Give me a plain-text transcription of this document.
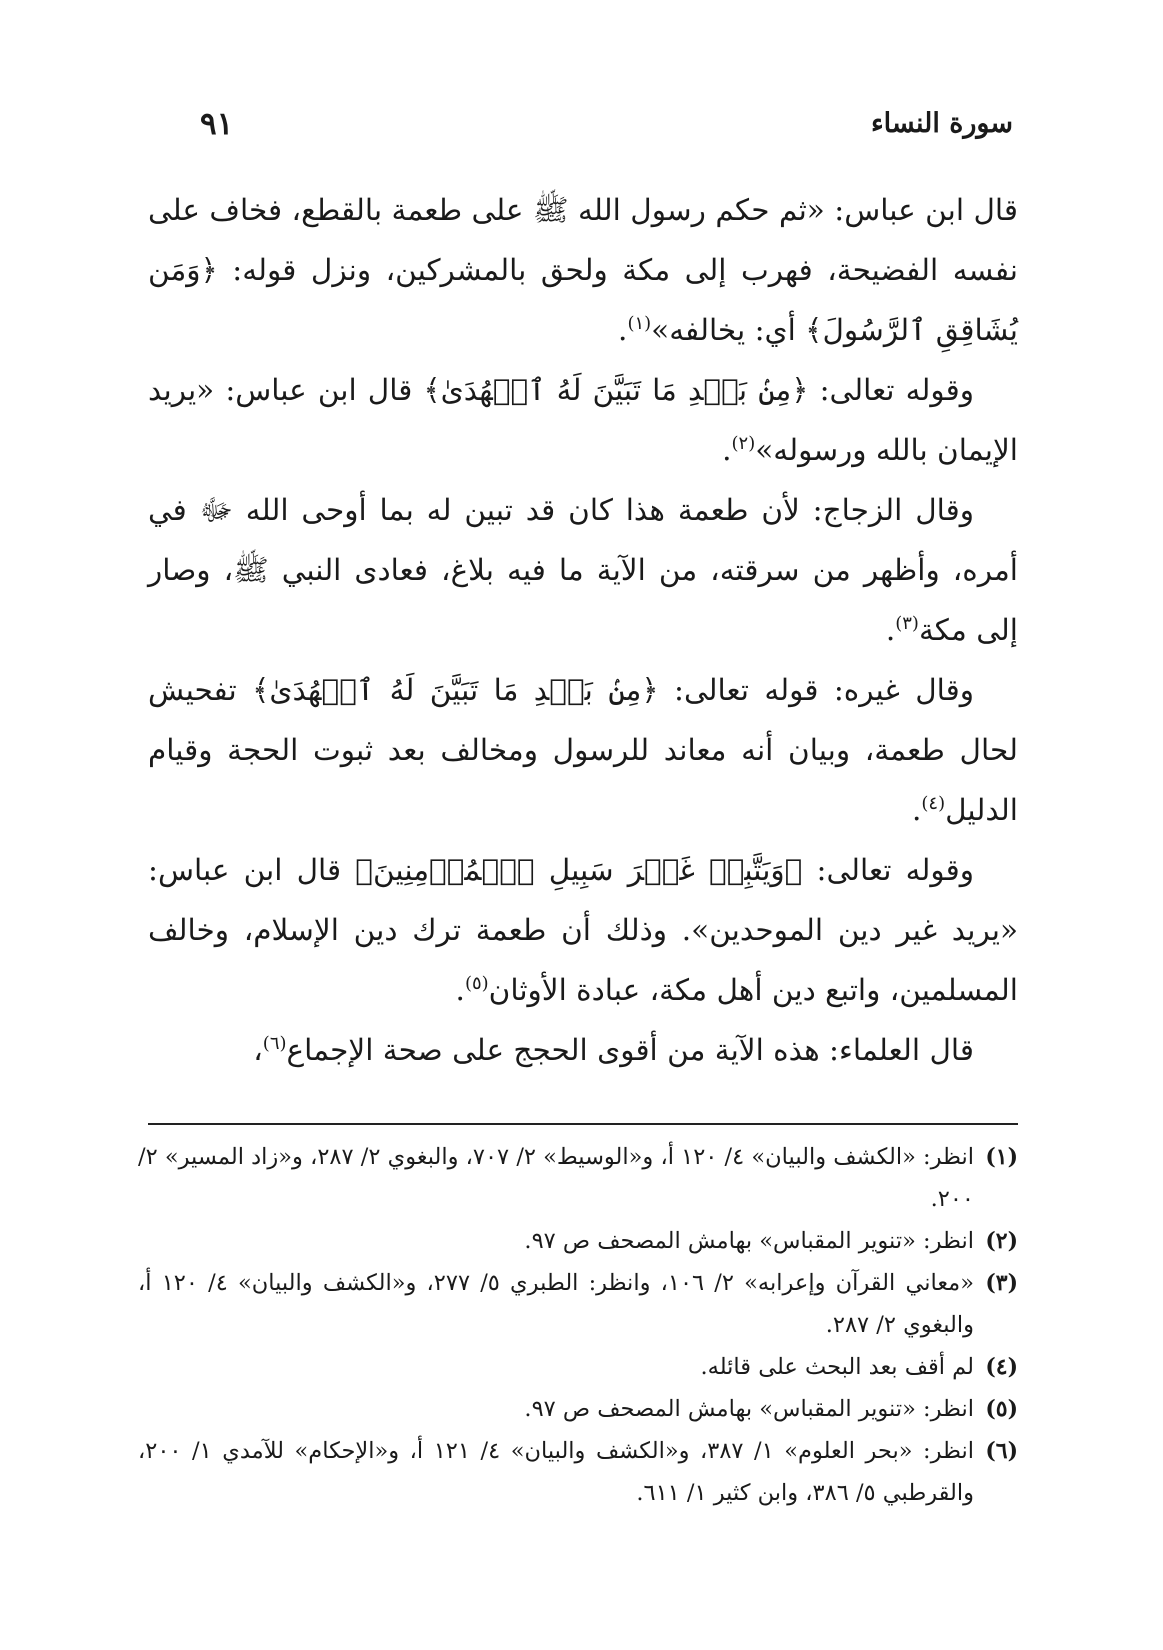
سورة النساء
٩١

قال ابن عباس: «ثم حكم رسول الله ﷺ على طعمة بالقطع، فخاف على نفسه الفضيحة، فهرب إلى مكة ولحق بالمشركين، ونزل قوله: ﴿وَمَن يُشَاقِقِ ٱلرَّسُولَ﴾ أي: يخالفه»$^{(١)}$.

وقوله تعالى: ﴿مِنۢ بَعۡدِ مَا تَبَيَّنَ لَهُ ٱلۡهُدَىٰ﴾ قال ابن عباس: «يريد الإيمان بالله ورسوله»$^{(٢)}$.

وقال الزجاج: لأن طعمة هذا كان قد تبين له بما أوحى الله ﷻ في أمره، وأظهر من سرقته، من الآية ما فيه بلاغ، فعادى النبي ﷺ، وصار إلى مكة$^{(٣)}$.

وقال غيره: قوله تعالى: ﴿مِنۢ بَعۡدِ مَا تَبَيَّنَ لَهُ ٱلۡهُدَىٰ﴾ تفحيش لحال طعمة، وبيان أنه معاند للرسول ومخالف بعد ثبوت الحجة وقيام الدليل$^{(٤)}$.

وقوله تعالى: ﴿وَيَتَّبِعۡ غَيۡرَ سَبِيلِ ٱلۡمُؤۡمِنِينَ﴾ قال ابن عباس: «يريد غير دين الموحدين». وذلك أن طعمة ترك دين الإسلام، وخالف المسلمين، واتبع دين أهل مكة، عبادة الأوثان$^{(٥)}$.

قال العلماء: هذه الآية من أقوى الحجج على صحة الإجماع$^{(٦)}$،

(١)
انظر: «الكشف والبيان» ٤/ ١٢٠ أ، و«الوسيط» ٢/ ٧٠٧، والبغوي ٢/ ٢٨٧، و«زاد المسير» ٢/ ٢٠٠.
(٢)
انظر: «تنوير المقباس» بهامش المصحف ص ٩٧.
(٣)
«معاني القرآن وإعرابه» ٢/ ١٠٦، وانظر: الطبري ٥/ ٢٧٧، و«الكشف والبيان» ٤/ ١٢٠ أ، والبغوي ٢/ ٢٨٧.
(٤)
لم أقف بعد البحث على قائله.
(٥)
انظر: «تنوير المقباس» بهامش المصحف ص ٩٧.
(٦)
انظر: «بحر العلوم» ١/ ٣٨٧، و«الكشف والبيان» ٤/ ١٢١ أ، و«الإحكام» للآمدي ١/ ٢٠٠، والقرطبي ٥/ ٣٨٦، وابن كثير ١/ ٦١١.
